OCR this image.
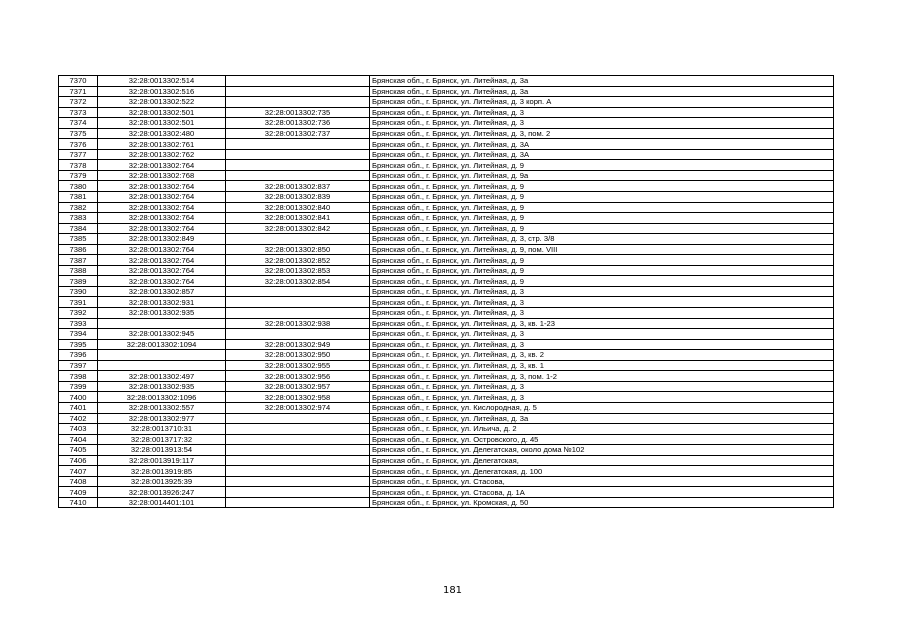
7370	32:28:0013302:514		Брянская обл., г. Брянск, ул. Литейная, д. 3а
7371	32:28:0013302:516		Брянская обл., г. Брянск, ул. Литейная, д. 3а
7372	32:28:0013302:522		Брянская обл., г. Брянск, ул. Литейная, д. 3 корп. А
7373	32:28:0013302:501	32:28:0013302:735	Брянская обл., г. Брянск, ул. Литейная, д. 3
7374	32:28:0013302:501	32:28:0013302:736	Брянская обл., г. Брянск, ул. Литейная, д. 3
7375	32:28:0013302:480	32:28:0013302:737	Брянская обл., г. Брянск, ул. Литейная, д. 3, пом. 2
7376	32:28:0013302:761		Брянская обл., г. Брянск, ул. Литейная, д. 3А
7377	32:28:0013302:762		Брянская обл., г. Брянск, ул. Литейная, д. 3А
7378	32:28:0013302:764		Брянская обл., г. Брянск, ул. Литейная, д. 9
7379	32:28:0013302:768		Брянская обл., г. Брянск, ул. Литейная, д. 9а
7380	32:28:0013302:764	32:28:0013302:837	Брянская обл., г. Брянск, ул. Литейная, д. 9
7381	32:28:0013302:764	32:28:0013302:839	Брянская обл., г. Брянск, ул. Литейная, д. 9
7382	32:28:0013302:764	32:28:0013302:840	Брянская обл., г. Брянск, ул. Литейная, д. 9
7383	32:28:0013302:764	32:28:0013302:841	Брянская обл., г. Брянск, ул. Литейная, д. 9
7384	32:28:0013302:764	32:28:0013302:842	Брянская обл., г. Брянск, ул. Литейная, д. 9
7385	32:28:0013302:849		Брянская обл., г. Брянск, ул. Литейная, д. 3, стр. 3/8
7386	32:28:0013302:764	32:28:0013302:850	Брянская обл., г. Брянск, ул. Литейная, д. 9, пом. VIII
7387	32:28:0013302:764	32:28:0013302:852	Брянская обл., г. Брянск, ул. Литейная, д. 9
7388	32:28:0013302:764	32:28:0013302:853	Брянская обл., г. Брянск, ул. Литейная, д. 9
7389	32:28:0013302:764	32:28:0013302:854	Брянская обл., г. Брянск, ул. Литейная, д. 9
7390	32:28:0013302:857		Брянская обл., г. Брянск, ул. Литейная, д. 3
7391	32:28:0013302:931		Брянская обл., г. Брянск, ул. Литейная, д. 3
7392	32:28:0013302:935		Брянская обл., г. Брянск, ул. Литейная, д. 3
7393		32:28:0013302:938	Брянская обл., г. Брянск, ул. Литейная, д. 3, кв. 1-23
7394	32:28:0013302:945		Брянская обл., г. Брянск, ул. Литейная, д. 3
7395	32:28:0013302:1094	32:28:0013302:949	Брянская обл., г. Брянск, ул. Литейная, д. 3
7396		32:28:0013302:950	Брянская обл., г. Брянск, ул. Литейная, д. 3, кв. 2
7397		32:28:0013302:955	Брянская обл., г. Брянск, ул. Литейная, д. 3, кв. 1
7398	32:28:0013302:497	32:28:0013302:956	Брянская обл., г. Брянск, ул. Литейная, д. 3, пом. 1-2
7399	32:28:0013302:935	32:28:0013302:957	Брянская обл., г. Брянск, ул. Литейная, д. 3
7400	32:28:0013302:1096	32:28:0013302:958	Брянская обл., г. Брянск, ул. Литейная, д. 3
7401	32:28:0013302:557	32:28:0013302:974	Брянская обл., г. Брянск, ул. Кислородная, д. 5
7402	32:28:0013302:977		Брянская обл., г. Брянск, ул. Литейная, д. 3а
7403	32:28:0013710:31		Брянская обл., г. Брянск, ул. Ильича, д. 2
7404	32:28:0013717:32		Брянская обл., г. Брянск, ул. Островского, д. 45
7405	32:28:0013913:54		Брянская обл., г. Брянск, ул. Делегатская, около дома №102
7406	32:28:0013919:117		Брянская обл., г. Брянск, ул. Делегатская,
7407	32:28:0013919:85		Брянская обл., г. Брянск, ул. Делегатская, д. 100
7408	32:28:0013925:39		Брянская обл., г. Брянск, ул. Стасова,
7409	32:28:0013926:247		Брянская обл., г. Брянск, ул. Стасова, д. 1А
7410	32:28:0014401:101		Брянская обл., г. Брянск, ул. Кромская, д. 50
181
